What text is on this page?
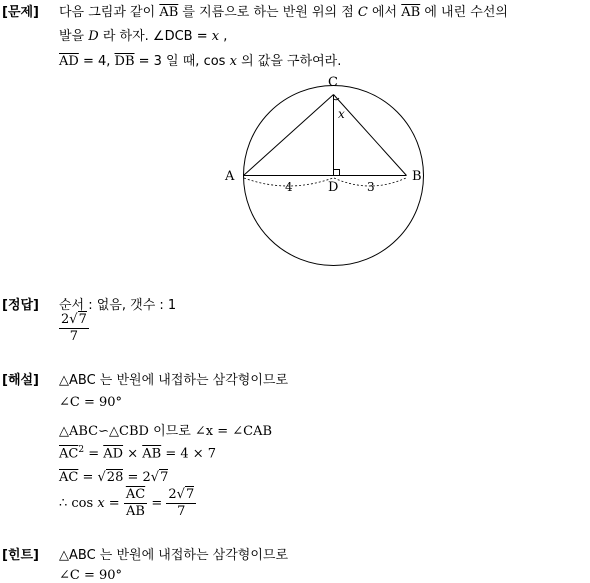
[문제] 다음 그림과 같이 $\overline{AB}$ 를 지름으로 하는 반원 위의 점 C 에서 $\overline{AB}$ 에 내린 수선의
발을 D 라 하자. ∠DCB = x ,
$\overline{AD} = 4$, $\overline{DB} = 3$ 일 때, cos x 의 값을 구하여라.
C
x
A	B
D
4	3
[정답] 순서 : 없음, 갯수 : 1
$\frac{2√7}{7}$
[해설] △ABC 는 반원에 내접하는 삼각형이므로
∠C = 90°
△ABC∽△CBD 이므로 ∠x = ∠CAB
$\overline{AC}^2 = \overline{AD} \times \overline{AB} = 4 \times 7$
$\overline{AC} = √28 = 2√7$
∴ $\cos x = \frac{\overline{AC}}{AB} = \frac{2√7}{7}$
[힌트] △ABC 는 반원에 내접하는 삼각형이므로
∠C = 90°
